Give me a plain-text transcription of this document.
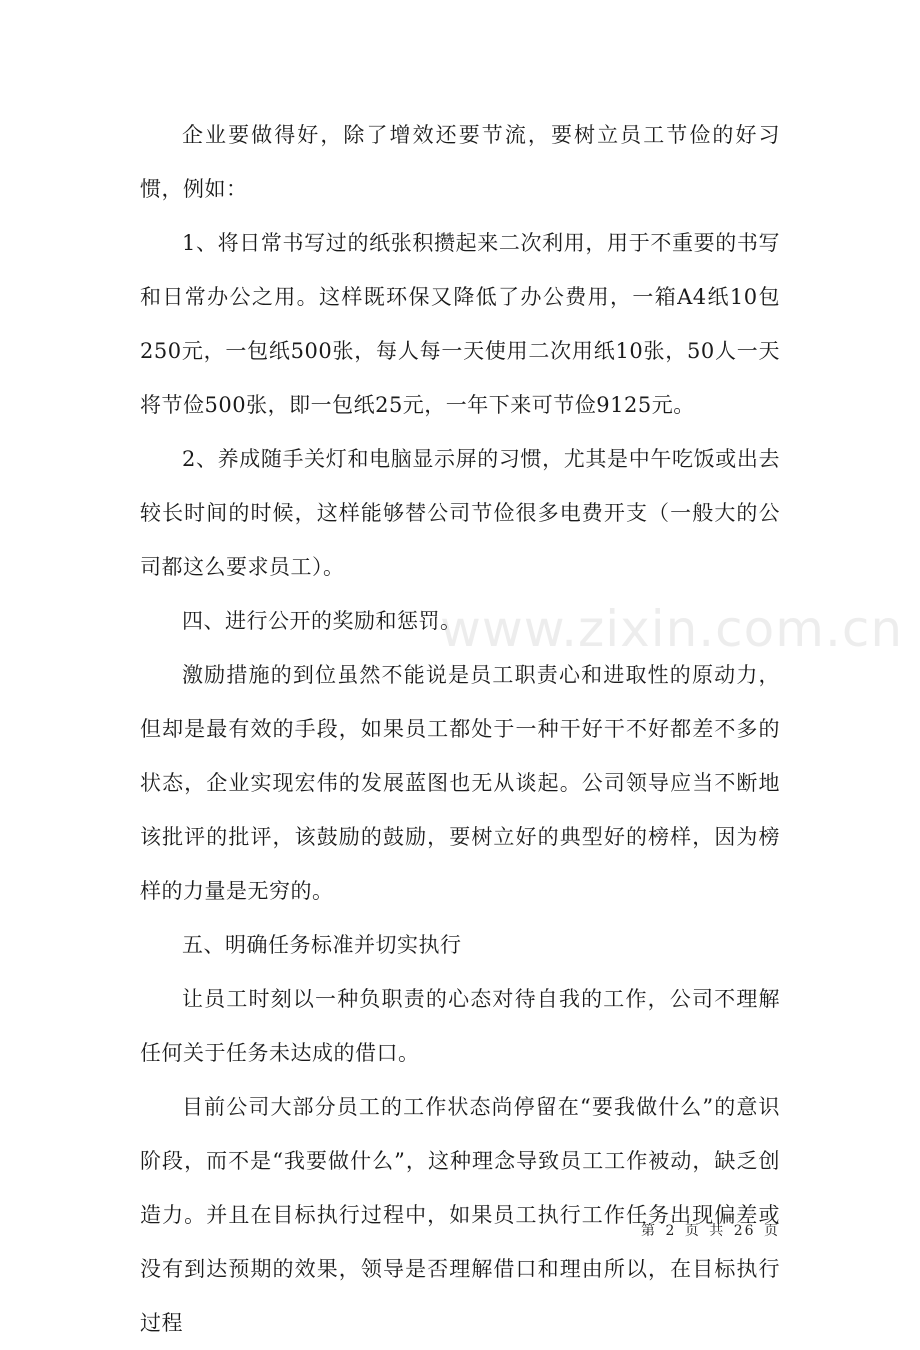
www.zixin.com.cn

企业要做得好，除了增效还要节流，要树立员工节俭的好习惯，例如：

1、将日常书写过的纸张积攒起来二次利用，用于不重要的书写和日常办公之用。这样既环保又降低了办公费用，一箱A4纸10包250元，一包纸500张，每人每一天使用二次用纸10张，50人一天将节俭500张，即一包纸25元，一年下来可节俭9125元。

2、养成随手关灯和电脑显示屏的习惯，尤其是中午吃饭或出去较长时间的时候，这样能够替公司节俭很多电费开支（一般大的公司都这么要求员工）。

四、进行公开的奖励和惩罚。

激励措施的到位虽然不能说是员工职责心和进取性的原动力，但却是最有效的手段，如果员工都处于一种干好干不好都差不多的状态，企业实现宏伟的发展蓝图也无从谈起。公司领导应当不断地该批评的批评，该鼓励的鼓励，要树立好的典型好的榜样，因为榜样的力量是无穷的。

五、明确任务标准并切实执行

让员工时刻以一种负职责的心态对待自我的工作，公司不理解任何关于任务未达成的借口。

目前公司大部分员工的工作状态尚停留在“要我做什么”的意识阶段，而不是“我要做什么”，这种理念导致员工工作被动，缺乏创造力。并且在目标执行过程中，如果员工执行工作任务出现偏差或没有到达预期的效果，领导是否理解借口和理由所以，在目标执行过程

第 2 页 共 26 页
